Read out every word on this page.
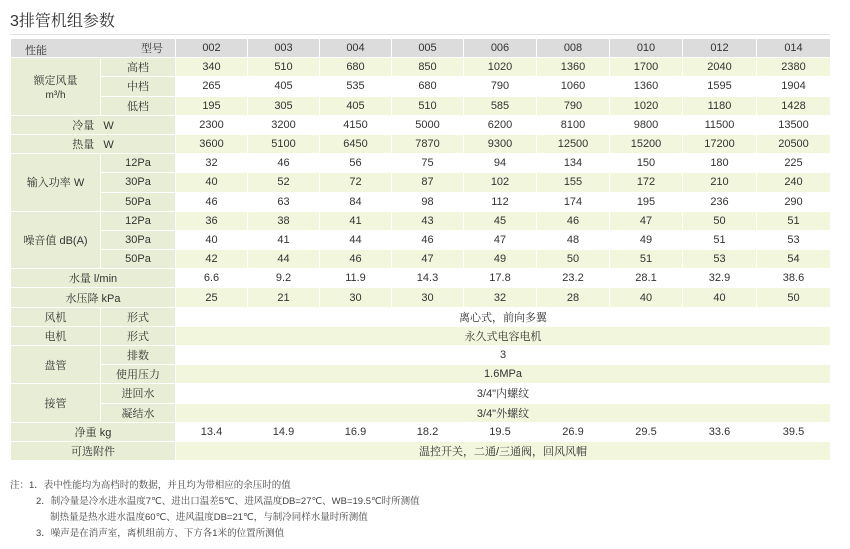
3排管机组参数
性能 型号		002	003	004	005	006	008	010	012	014

额定风量
m³/h	高档	340	510	680	850	1020	1360	1700	2040	2380
	中档	265	405	535	680	790	1060	1360	1595	1904
	低档	195	305	405	510	585	790	1020	1180	1428
冷量   W		2300	3200	4150	5000	6200	8100	9800	11500	13500
热量   W		3600	5100	6450	7870	9300	12500	15200	17200	20500
输入功率 W	12Pa	32	46	56	75	94	134	150	180	225
	30Pa	40	52	72	87	102	155	172	210	240
	50Pa	46	63	84	98	112	174	195	236	290
噪音值 dB(A)	12Pa	36	38	41	43	45	46	47	50	51
	30Pa	40	41	44	46	47	48	49	51	53
	50Pa	42	44	46	47	49	50	51	53	54
水量 l/min		6.6	9.2	11.9	14.3	17.8	23.2	28.1	32.9	38.6
水压降 kPa		25	21	30	30	32	28	40	40	50
风机	形式	离心式，前向多翼								
电机	形式	永久式电容电机								
盘管	排数	3								
	使用压力	1.6MPa								
接管	进回水	3/4"内螺纹								
	凝结水	3/4"外螺纹								
净重 kg		13.4	14.9	16.9	18.2	19.5	26.9	29.5	33.6	39.5
可选附件		温控开关，二通/三通阀，回风风帽								
注：1．表中性能均为高档时的数据，并且均为带相应的余压时的值
2．制冷量是冷水进水温度7℃、进出口温差5℃、进风温度DB=27℃、WB=19.5℃时所测值
制热量是热水进水温度60℃、进风温度DB=21℃，与制冷同样水量时所测值
3．噪声是在消声室，离机组前方、下方各1米的位置所测值
